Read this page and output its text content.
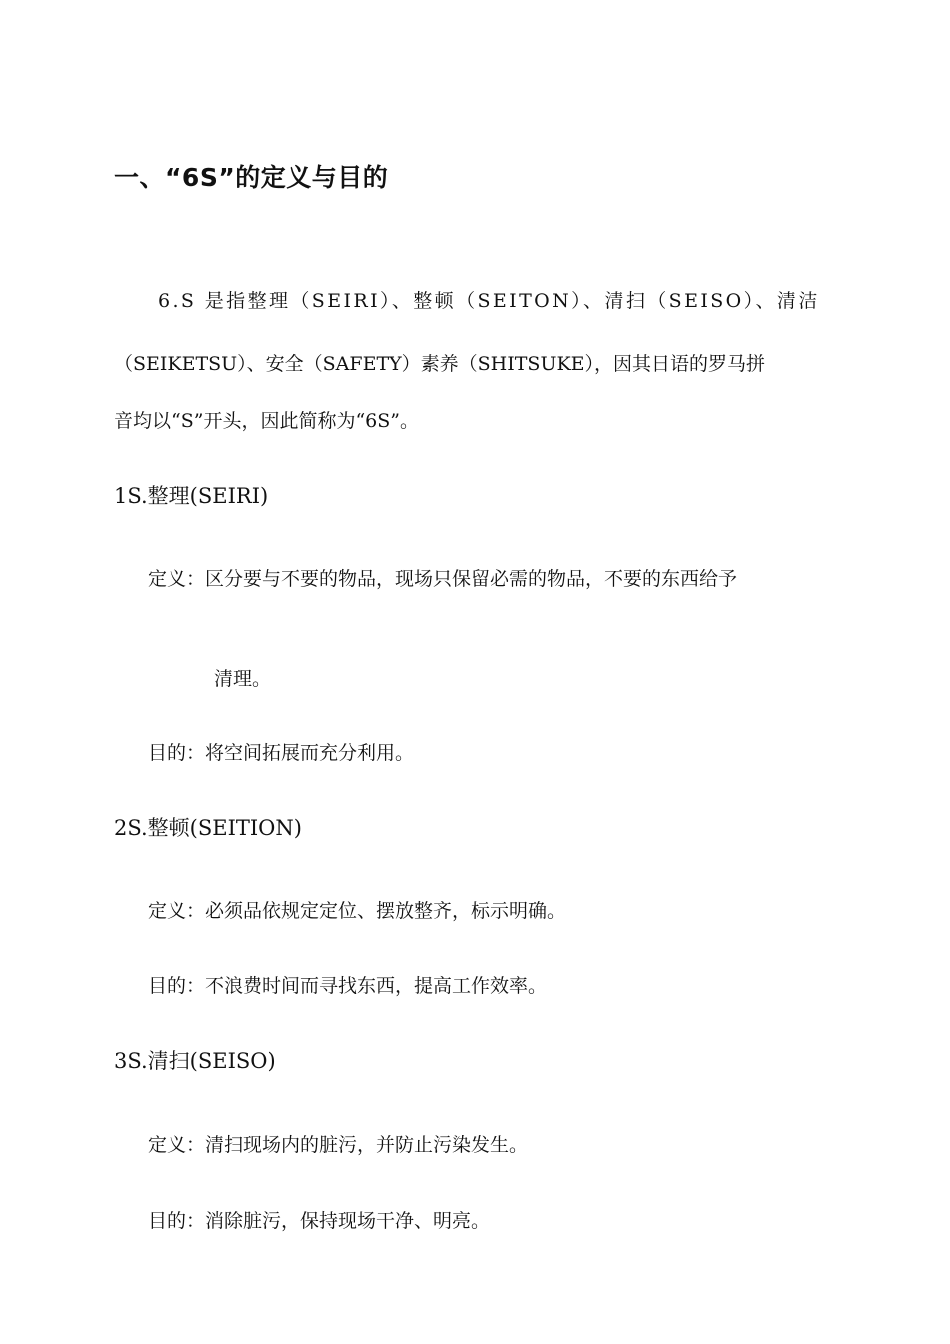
一、“6S”的定义与目的
6.S 是指整理（SEIRI）、整顿（SEITON）、清扫（SEISO）、清洁
（SEIKETSU）、安全（SAFETY）素养（SHITSUKE），因其日语的罗马拼
音均以“S”开头，因此简称为“6S”。
1S.整理(SEIRI)
定义：区分要与不要的物品，现场只保留必需的物品，不要的东西给予
清理。
目的：将空间拓展而充分利用。
2S.整顿(SEITION)
定义：必须品依规定定位、摆放整齐，标示明确。
目的：不浪费时间而寻找东西，提高工作效率。
3S.清扫(SEISO)
定义：清扫现场内的脏污，并防止污染发生。
目的：消除脏污，保持现场干净、明亮。
